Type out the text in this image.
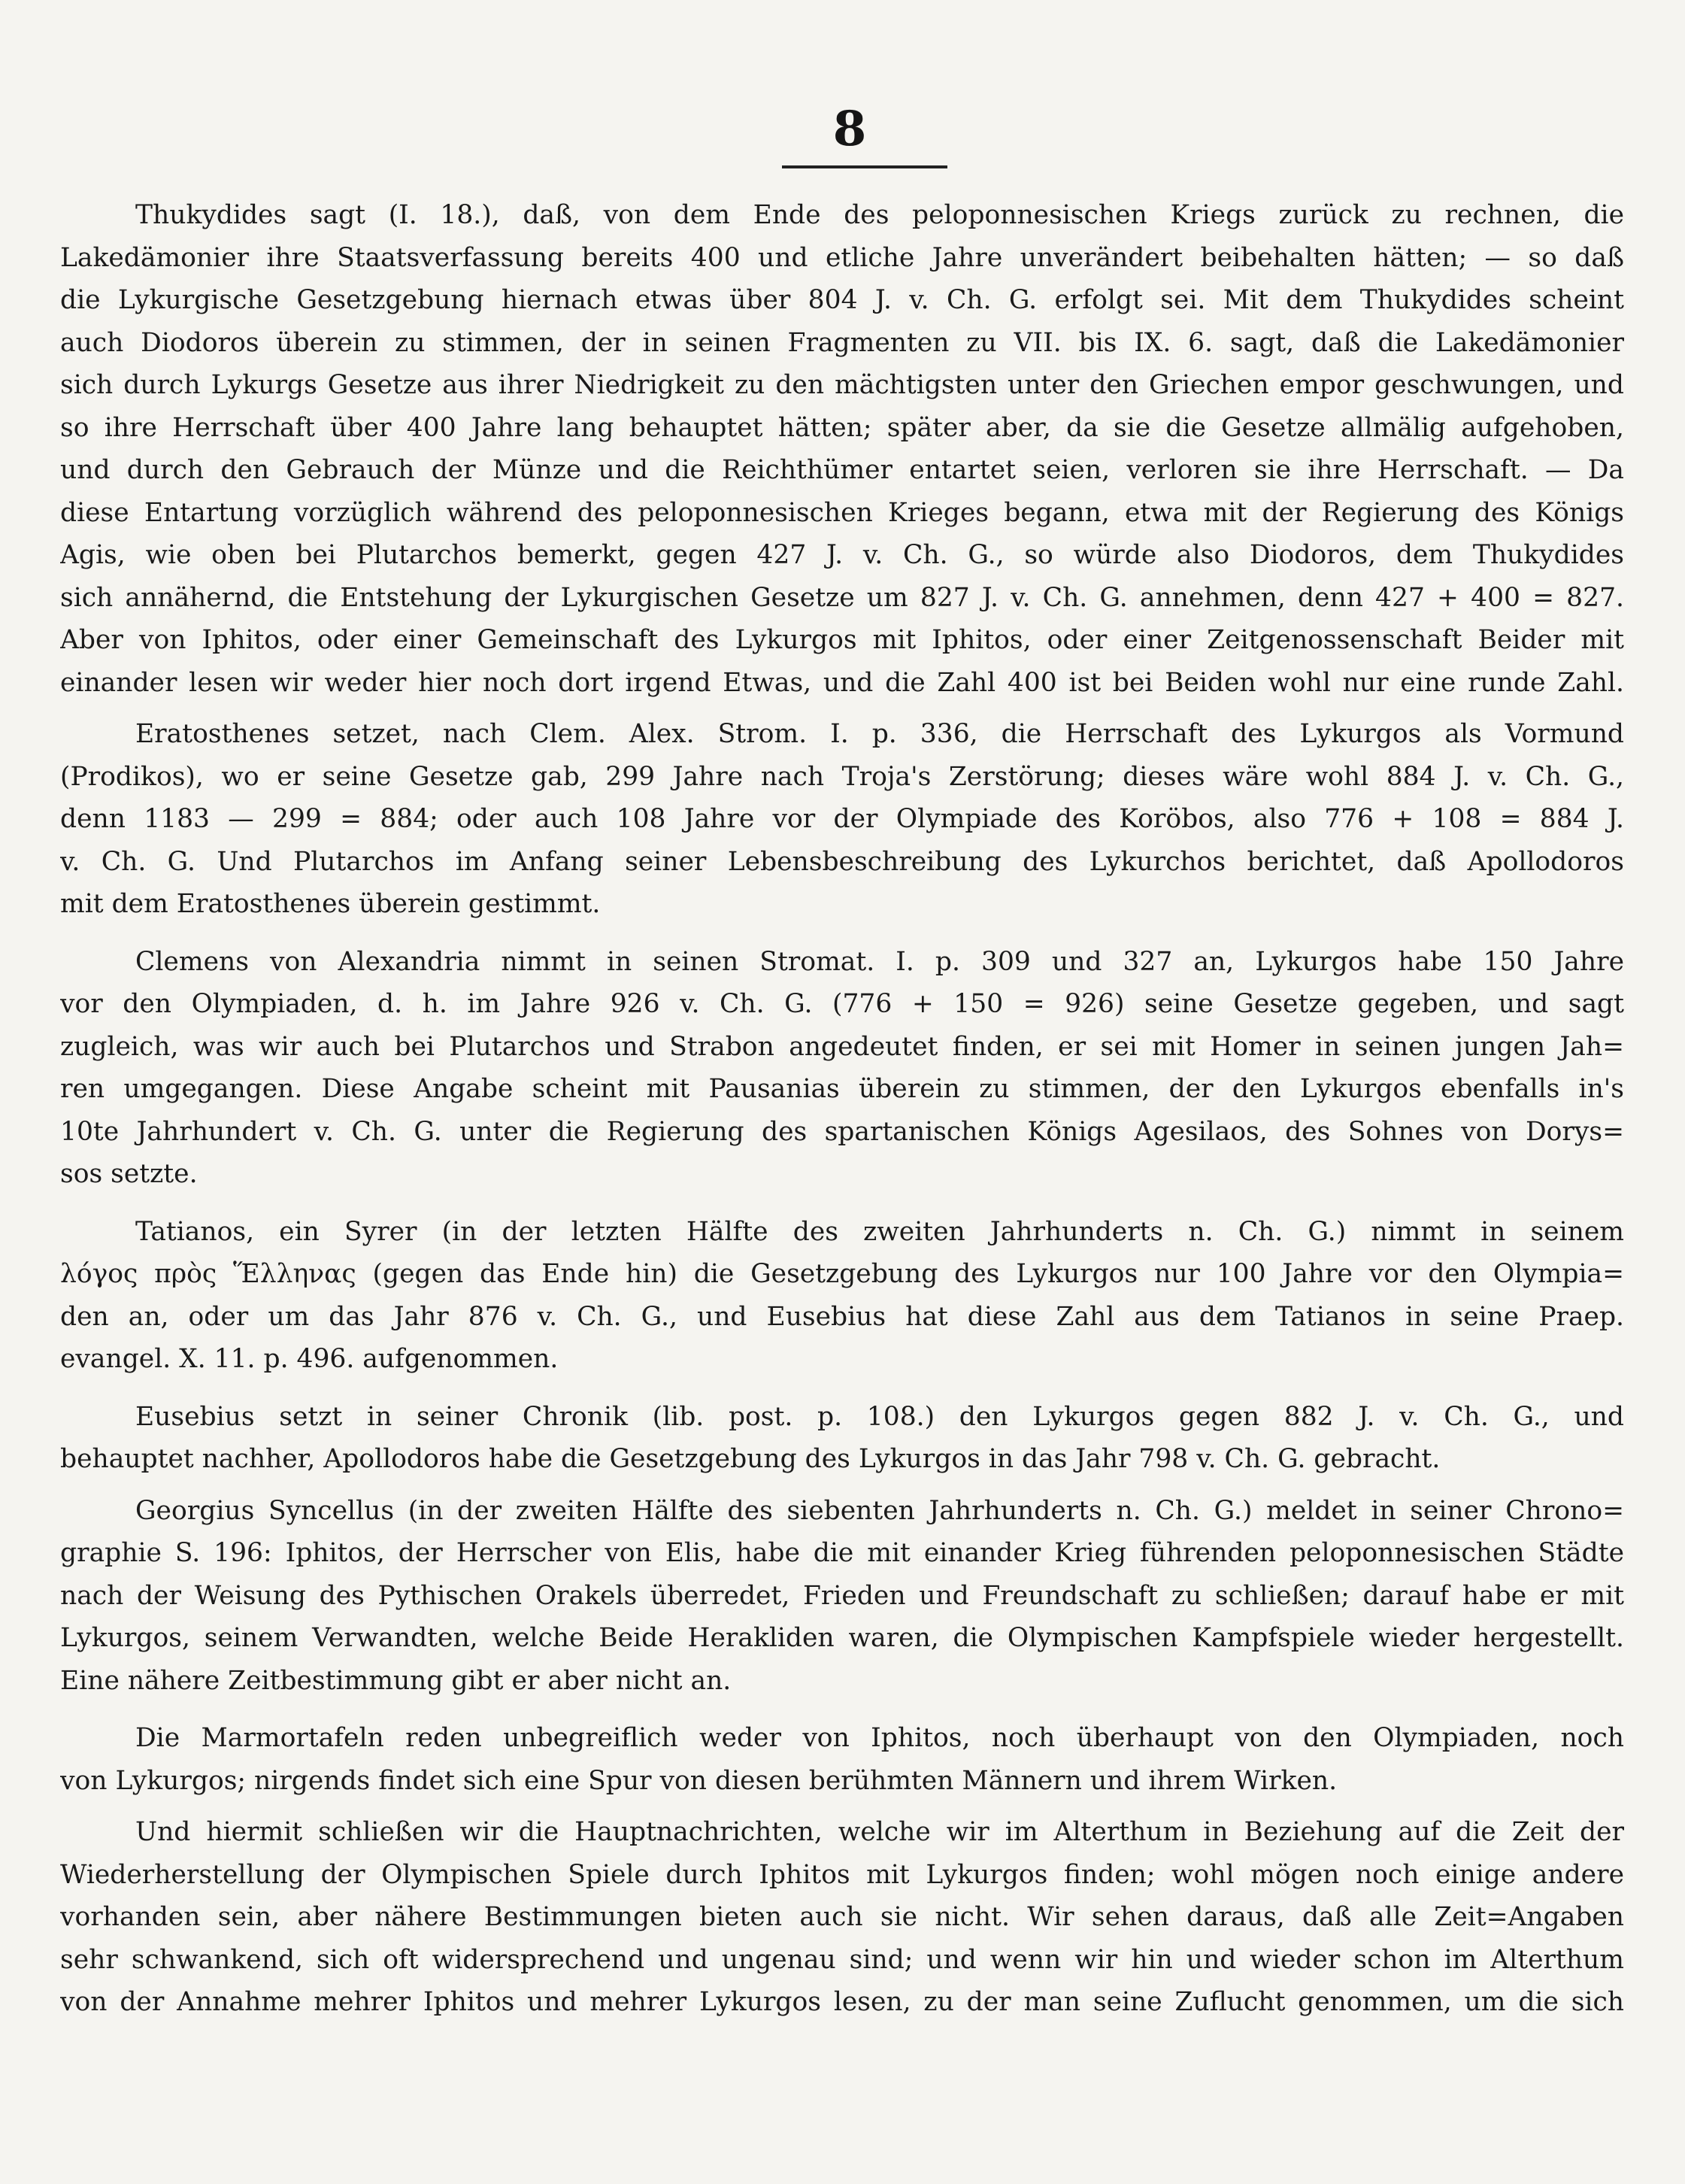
8
Thukydides sagt (I. 18.), daß, von dem Ende des peloponnesischen Kriegs zurück zu rechnen, die
Lakedämonier ihre Staatsverfassung bereits 400 und etliche Jahre unverändert beibehalten hätten; — so daß
die Lykurgische Gesetzgebung hiernach etwas über 804 J. v. Ch. G. erfolgt sei. Mit dem Thukydides scheint
auch Diodoros überein zu stimmen, der in seinen Fragmenten zu VII. bis IX. 6. sagt, daß die Lakedämonier
sich durch Lykurgs Gesetze aus ihrer Niedrigkeit zu den mächtigsten unter den Griechen empor geschwungen, und
so ihre Herrschaft über 400 Jahre lang behauptet hätten; später aber, da sie die Gesetze allmälig aufgehoben,
und durch den Gebrauch der Münze und die Reichthümer entartet seien, verloren sie ihre Herrschaft. — Da
diese Entartung vorzüglich während des peloponnesischen Krieges begann, etwa mit der Regierung des Königs
Agis, wie oben bei Plutarchos bemerkt, gegen 427 J. v. Ch. G., so würde also Diodoros, dem Thukydides
sich annähernd, die Entstehung der Lykurgischen Gesetze um 827 J. v. Ch. G. annehmen, denn 427 + 400 = 827.
Aber von Iphitos, oder einer Gemeinschaft des Lykurgos mit Iphitos, oder einer Zeitgenossenschaft Beider mit
einander lesen wir weder hier noch dort irgend Etwas, und die Zahl 400 ist bei Beiden wohl nur eine runde Zahl.
Eratosthenes setzet, nach Clem. Alex. Strom. I. p. 336, die Herrschaft des Lykurgos als Vormund
(Prodikos), wo er seine Gesetze gab, 299 Jahre nach Troja's Zerstörung; dieses wäre wohl 884 J. v. Ch. G.,
denn 1183 — 299 = 884; oder auch 108 Jahre vor der Olympiade des Koröbos, also 776 + 108 = 884 J.
v. Ch. G. Und Plutarchos im Anfang seiner Lebensbeschreibung des Lykurchos berichtet, daß Apollodoros
mit dem Eratosthenes überein gestimmt.
Clemens von Alexandria nimmt in seinen Stromat. I. p. 309 und 327 an, Lykurgos habe 150 Jahre
vor den Olympiaden, d. h. im Jahre 926 v. Ch. G. (776 + 150 = 926) seine Gesetze gegeben, und sagt
zugleich, was wir auch bei Plutarchos und Strabon angedeutet finden, er sei mit Homer in seinen jungen Jah=
ren umgegangen. Diese Angabe scheint mit Pausanias überein zu stimmen, der den Lykurgos ebenfalls in's
10te Jahrhundert v. Ch. G. unter die Regierung des spartanischen Königs Agesilaos, des Sohnes von Dorys=
sos setzte.
Tatianos, ein Syrer (in der letzten Hälfte des zweiten Jahrhunderts n. Ch. G.) nimmt in seinem
λόγος πρὸς Ἕλληνας (gegen das Ende hin) die Gesetzgebung des Lykurgos nur 100 Jahre vor den Olympia=
den an, oder um das Jahr 876 v. Ch. G., und Eusebius hat diese Zahl aus dem Tatianos in seine Praep.
evangel. X. 11. p. 496. aufgenommen.
Eusebius setzt in seiner Chronik (lib. post. p. 108.) den Lykurgos gegen 882 J. v. Ch. G., und
behauptet nachher, Apollodoros habe die Gesetzgebung des Lykurgos in das Jahr 798 v. Ch. G. gebracht.
Georgius Syncellus (in der zweiten Hälfte des siebenten Jahrhunderts n. Ch. G.) meldet in seiner Chrono=
graphie S. 196: Iphitos, der Herrscher von Elis, habe die mit einander Krieg führenden peloponnesischen Städte
nach der Weisung des Pythischen Orakels überredet, Frieden und Freundschaft zu schließen; darauf habe er mit
Lykurgos, seinem Verwandten, welche Beide Herakliden waren, die Olympischen Kampfspiele wieder hergestellt.
Eine nähere Zeitbestimmung gibt er aber nicht an.
Die Marmortafeln reden unbegreiflich weder von Iphitos, noch überhaupt von den Olympiaden, noch
von Lykurgos; nirgends findet sich eine Spur von diesen berühmten Männern und ihrem Wirken.
Und hiermit schließen wir die Hauptnachrichten, welche wir im Alterthum in Beziehung auf die Zeit der
Wiederherstellung der Olympischen Spiele durch Iphitos mit Lykurgos finden; wohl mögen noch einige andere
vorhanden sein, aber nähere Bestimmungen bieten auch sie nicht. Wir sehen daraus, daß alle Zeit=Angaben
sehr schwankend, sich oft widersprechend und ungenau sind; und wenn wir hin und wieder schon im Alterthum
von der Annahme mehrer Iphitos und mehrer Lykurgos lesen, zu der man seine Zuflucht genommen, um die sich
